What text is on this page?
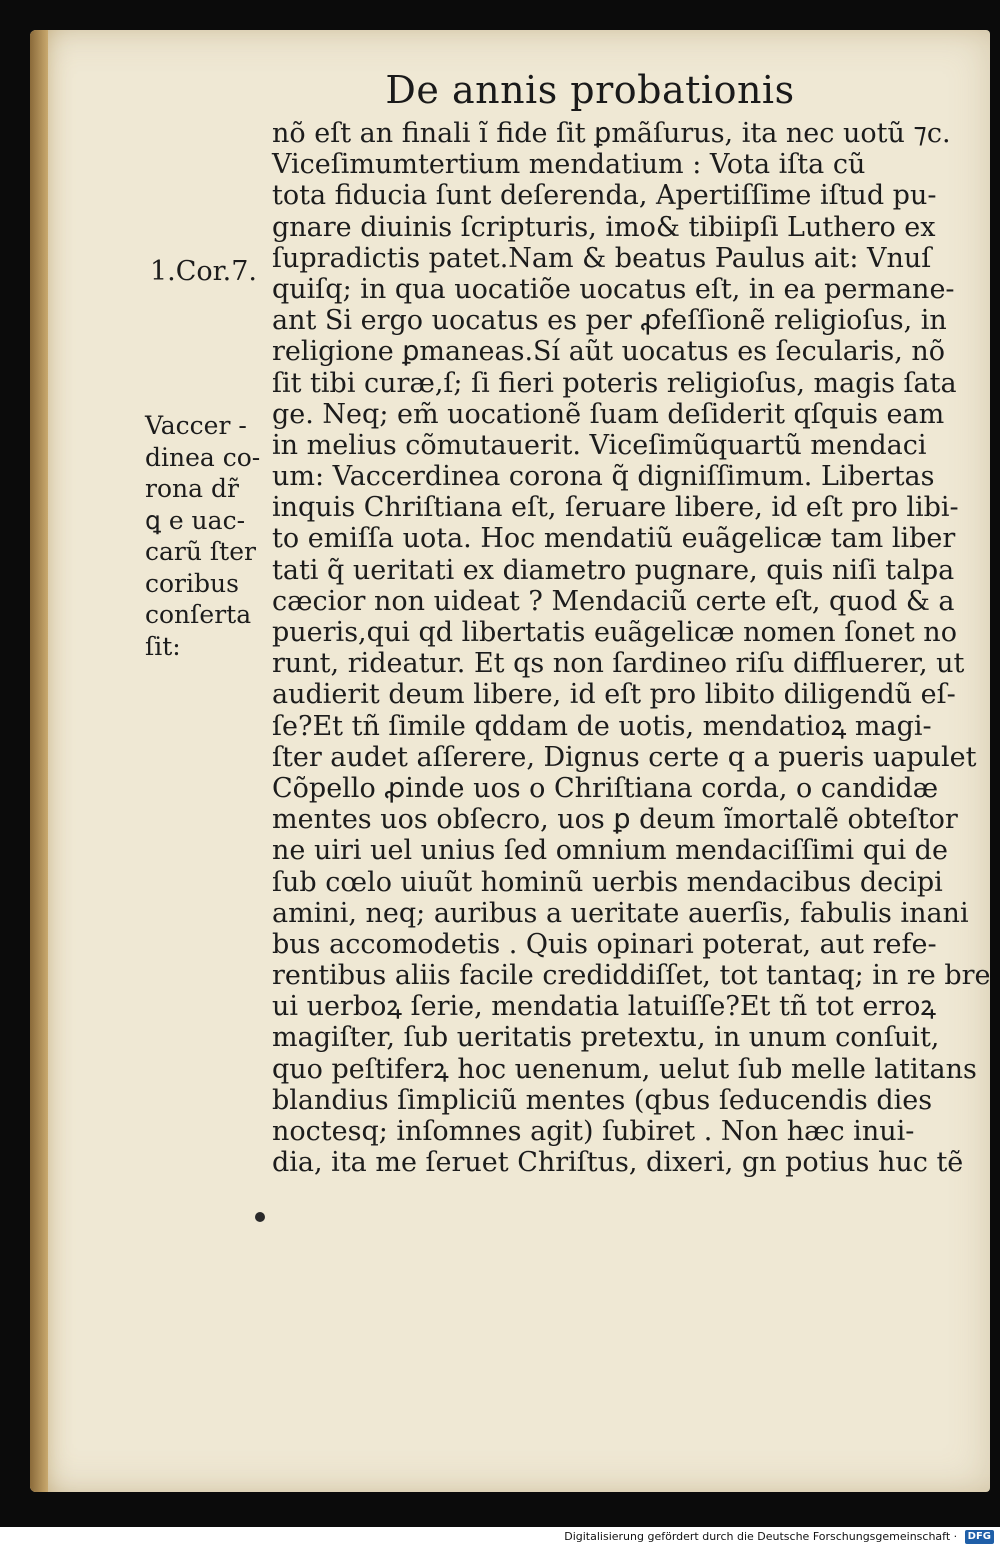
De annis probationis
1.Cor.7.
Vaccer -
dinea co-
rona dr̃
ꝗ e uac-
carũ ſter
coribus
conſerta
ſit:
nõ eſt an finali ĩ fide ſit ꝑmãſurus, ita nec uotũ ⁊c.
Viceſimumtertium mendatium : Vota iſta cũ
tota fiducia ſunt deſerenda, Apertiſſime iſtud pu-
gnare diuinis ſcripturis, imo& tibiipſi Luthero ex
ſupradictis patet.Nam & beatus Paulus ait: Vnuſ
quiſq; in qua uocatiõe uocatus eſt, in ea permane-
ant Si ergo uocatus es per ꝓfeſſionẽ religioſus, in
religione ꝑmaneas.Sí aũt uocatus es ſecularis, nõ
ſit tibi curæ,ſ; ſi fieri poteris religioſus, magis ſata
ge. Neq; em̃ uocationẽ ſuam deſiderit qſquis eam
in melius cõmutauerit. Viceſimũquartũ mendaci
um: Vaccerdinea corona q̃ digniſſimum. Libertas
inquis Chriſtiana eſt, ſeruare libere, id eſt pro libi-
to emiſſa uota. Hoc mendatiũ euãgelicæ tam liber
tati q̃ ueritati ex diametro pugnare, quis niſi talpa
cæcior non uideat ? Mendaciũ certe eſt, quod & a
pueris,qui qd libertatis euãgelicæ nomen ſonet no
runt, rideatur. Et qs non ſardineo riſu diffluerer, ut
audierit deum libere, id eſt pro libito diligendũ eſ-
ſe?Et tñ ſimile qddam de uotis, mendatioꝝ magi-
ſter audet aſſerere, Dignus certe q a pueris uapulet
Cõpello ꝓinde uos o Chriſtiana corda, o candidæ
mentes uos obſecro, uos ꝑ deum ĩmortalẽ obteſtor
ne uiri uel unius ſed omnium mendaciſſimi qui de
ſub cœlo uiuũt hominũ uerbis mendacibus decipi
amini, neq; auribus a ueritate auerſis, fabulis inani
bus accomodetis . Quis opinari poterat, aut refe-
rentibus aliis facile crediddiſſet, tot tantaq; in re bre
ui uerboꝝ ſerie, mendatia latuiſſe?Et tñ tot erroꝝ
magiſter, ſub ueritatis pretextu, in unum conſuit,
quo peſtiferꝝ hoc uenenum, uelut ſub melle latitans
blandius ſimpliciũ mentes (qbus ſeducendis dies
noctesq; inſomnes agit) ſubiret . Non hæc inui-
dia, ita me ſeruet Chriſtus, dixeri, gn potius huc tẽ
Digitalisierung gefördert durch die Deutsche Forschungsgemeinschaft · DFG
